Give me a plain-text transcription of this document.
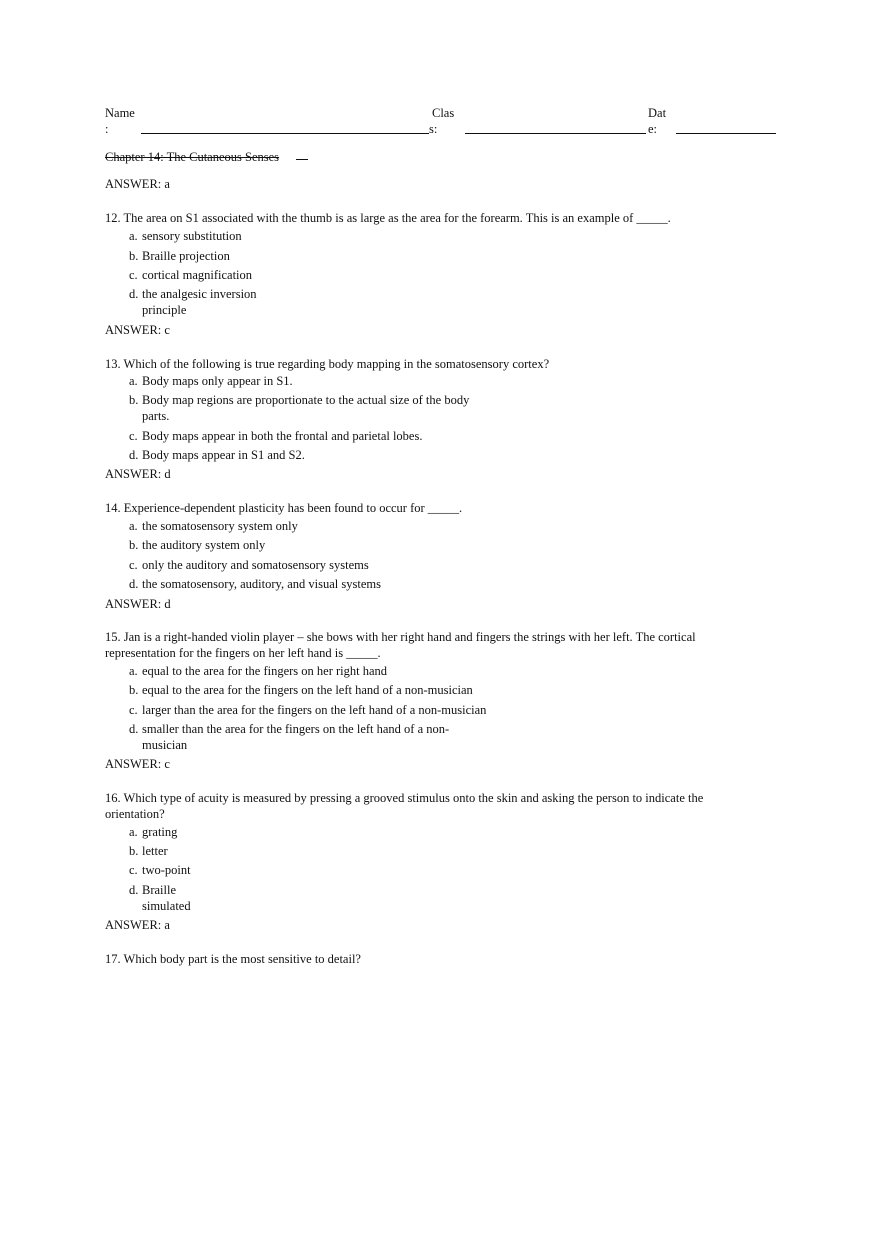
Name
:
Clas
s:
Dat
e:
Chapter 14: The Cutaneous Senses
ANSWER: a
12. The area on S1 associated with the thumb is as large as the area for the forearm. This is an example of _____.
a. sensory substitution
b. Braille projection
c. cortical magnification
d. the analgesic inversion
principle
ANSWER: c
13. Which of the following is true regarding body mapping in the somatosensory cortex?
a. Body maps only appear in S1.
b. Body map regions are proportionate to the actual size of the body
parts.
c. Body maps appear in both the frontal and parietal lobes.
d. Body maps appear in S1 and S2.
ANSWER: d
14. Experience-dependent plasticity has been found to occur for _____.
a. the somatosensory system only
b. the auditory system only
c. only the auditory and somatosensory systems
d. the somatosensory, auditory, and visual systems
ANSWER: d
15. Jan is a right-handed violin player – she bows with her right hand and fingers the strings with her left. The cortical representation for the fingers on her left hand is _____.
a. equal to the area for the fingers on her right hand
b. equal to the area for the fingers on the left hand of a non-musician
c. larger than the area for the fingers on the left hand of a non-musician
d. smaller than the area for the fingers on the left hand of a non-
musician
ANSWER: c
16. Which type of acuity is measured by pressing a grooved stimulus onto the skin and asking the person to indicate the orientation?
a. grating
b. letter
c. two-point
d. Braille
simulated
ANSWER: a
17. Which body part is the most sensitive to detail?
